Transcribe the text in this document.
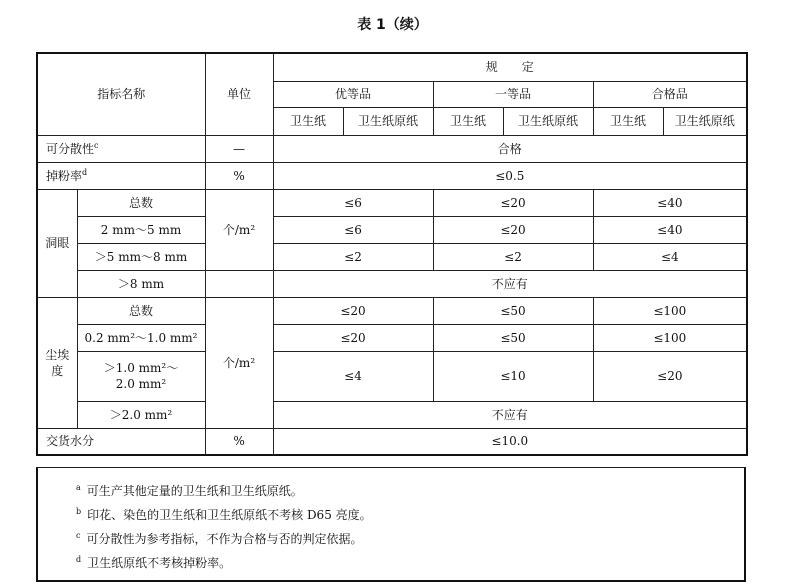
表 1（续）
指标名称		单位	规　　定					
			优等品		一等品		合格品	
			卫生纸	卫生纸原纸	卫生纸	卫生纸原纸	卫生纸	卫生纸原纸
可分散性$^c$		—	合格					
掉粉率$^d$		%	≤0.5					
洞眼	总数	个/m²	≤6		≤20		≤40	
	2 mm～5 mm		≤6		≤20		≤40	
	＞5 mm～8 mm		≤2		≤2		≤4	
	＞8 mm		不应有					
尘埃度	总数	个/m²	≤20		≤50		≤100	
	0.2 mm²～1.0 mm²		≤20		≤50		≤100	

	＞1.0 mm²～
2.0 mm²		≤4		≤10		≤20	
	＞2.0 mm²		不应有					
交货水分		%	≤10.0					
$^a$ 可生产其他定量的卫生纸和卫生纸原纸。
$^b$ 印花、染色的卫生纸和卫生纸原纸不考核 D65 亮度。
$^c$ 可分散性为参考指标，不作为合格与否的判定依据。
$^d$ 卫生纸原纸不考核掉粉率。
